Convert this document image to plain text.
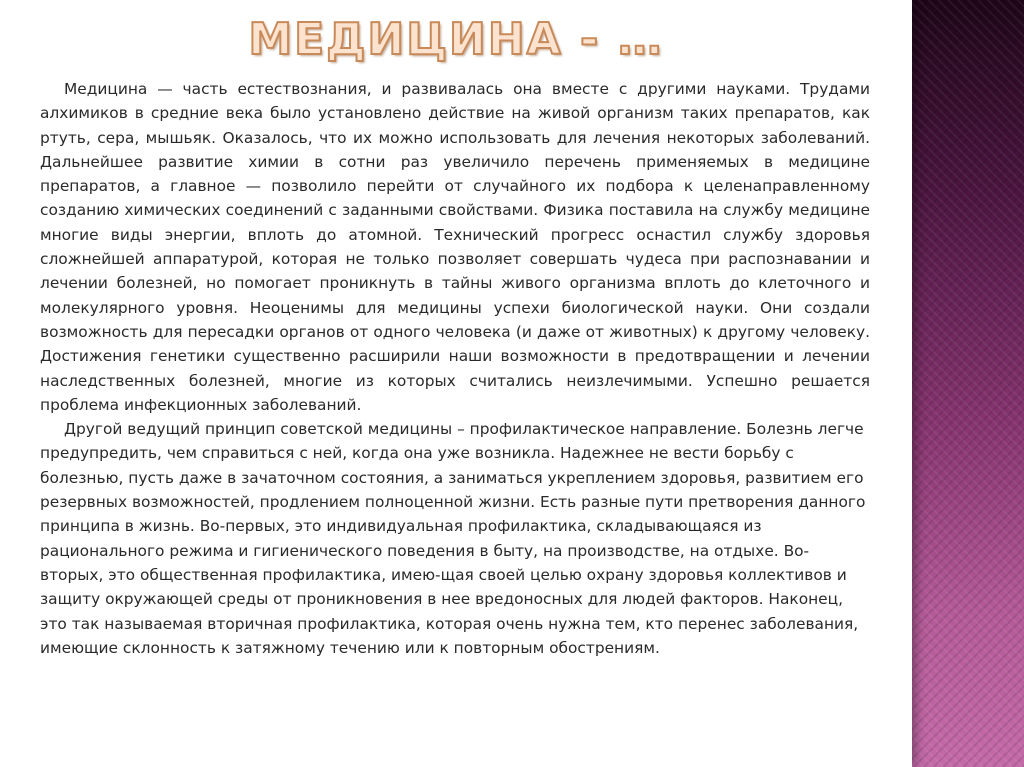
МЕДИЦИНА - …

Медицина — часть естествознания, и развивалась она вместе с другими науками. Трудами алхимиков в средние века было установлено действие на живой организм таких препаратов, как ртуть, сера, мышьяк. Оказалось, что их можно использовать для лечения некоторых заболеваний. Дальнейшее развитие химии в сотни раз увеличило перечень применяемых в медицине препаратов, а главное — позволило перейти от случайного их подбора к целенаправленному созданию химических соединений с заданными свойствами. Физика поставила на службу медицине многие виды энергии, вплоть до атомной. Технический прогресс оснастил службу здоровья сложнейшей аппаратурой, которая не только позволяет совершать чудеса при распознавании и лечении болезней, но помогает проникнуть в тайны живого организма вплоть до клеточного и молекулярного уровня. Неоценимы для медицины успехи биологической науки. Они создали возможность для пересадки органов от одного человека (и даже от животных) к другому человеку. Достижения генетики существенно расширили наши возможности в предотвращении и лечении наследственных болезней, многие из которых считались неизлечимыми. Успешно решается проблема инфекционных заболеваний.

Другой ведущий принцип советской медицины – профилактическое направление. Болезнь легче предупредить, чем справиться с ней, когда она уже возникла. Надежнее не вести борьбу с болезнью, пусть даже в зачаточном состояния, а заниматься укреплением здоровья, развитием его резервных возможностей, продлением полноценной жизни. Есть разные пути претворения данного принципа в жизнь. Во-первых, это индивидуальная профилактика, складывающаяся из рационального режима и гигиенического поведения в быту, на производстве, на отдыхе. Во-вторых, это общественная профилактика, имею-щая своей целью охрану здоровья коллективов и защиту окружающей среды от проникновения в нее вредоносных для людей факторов. Наконец, это так называемая вторичная профилактика, которая очень нужна тем, кто перенес заболевания, имеющие склонность к затяжному течению или к повторным обострениям.
